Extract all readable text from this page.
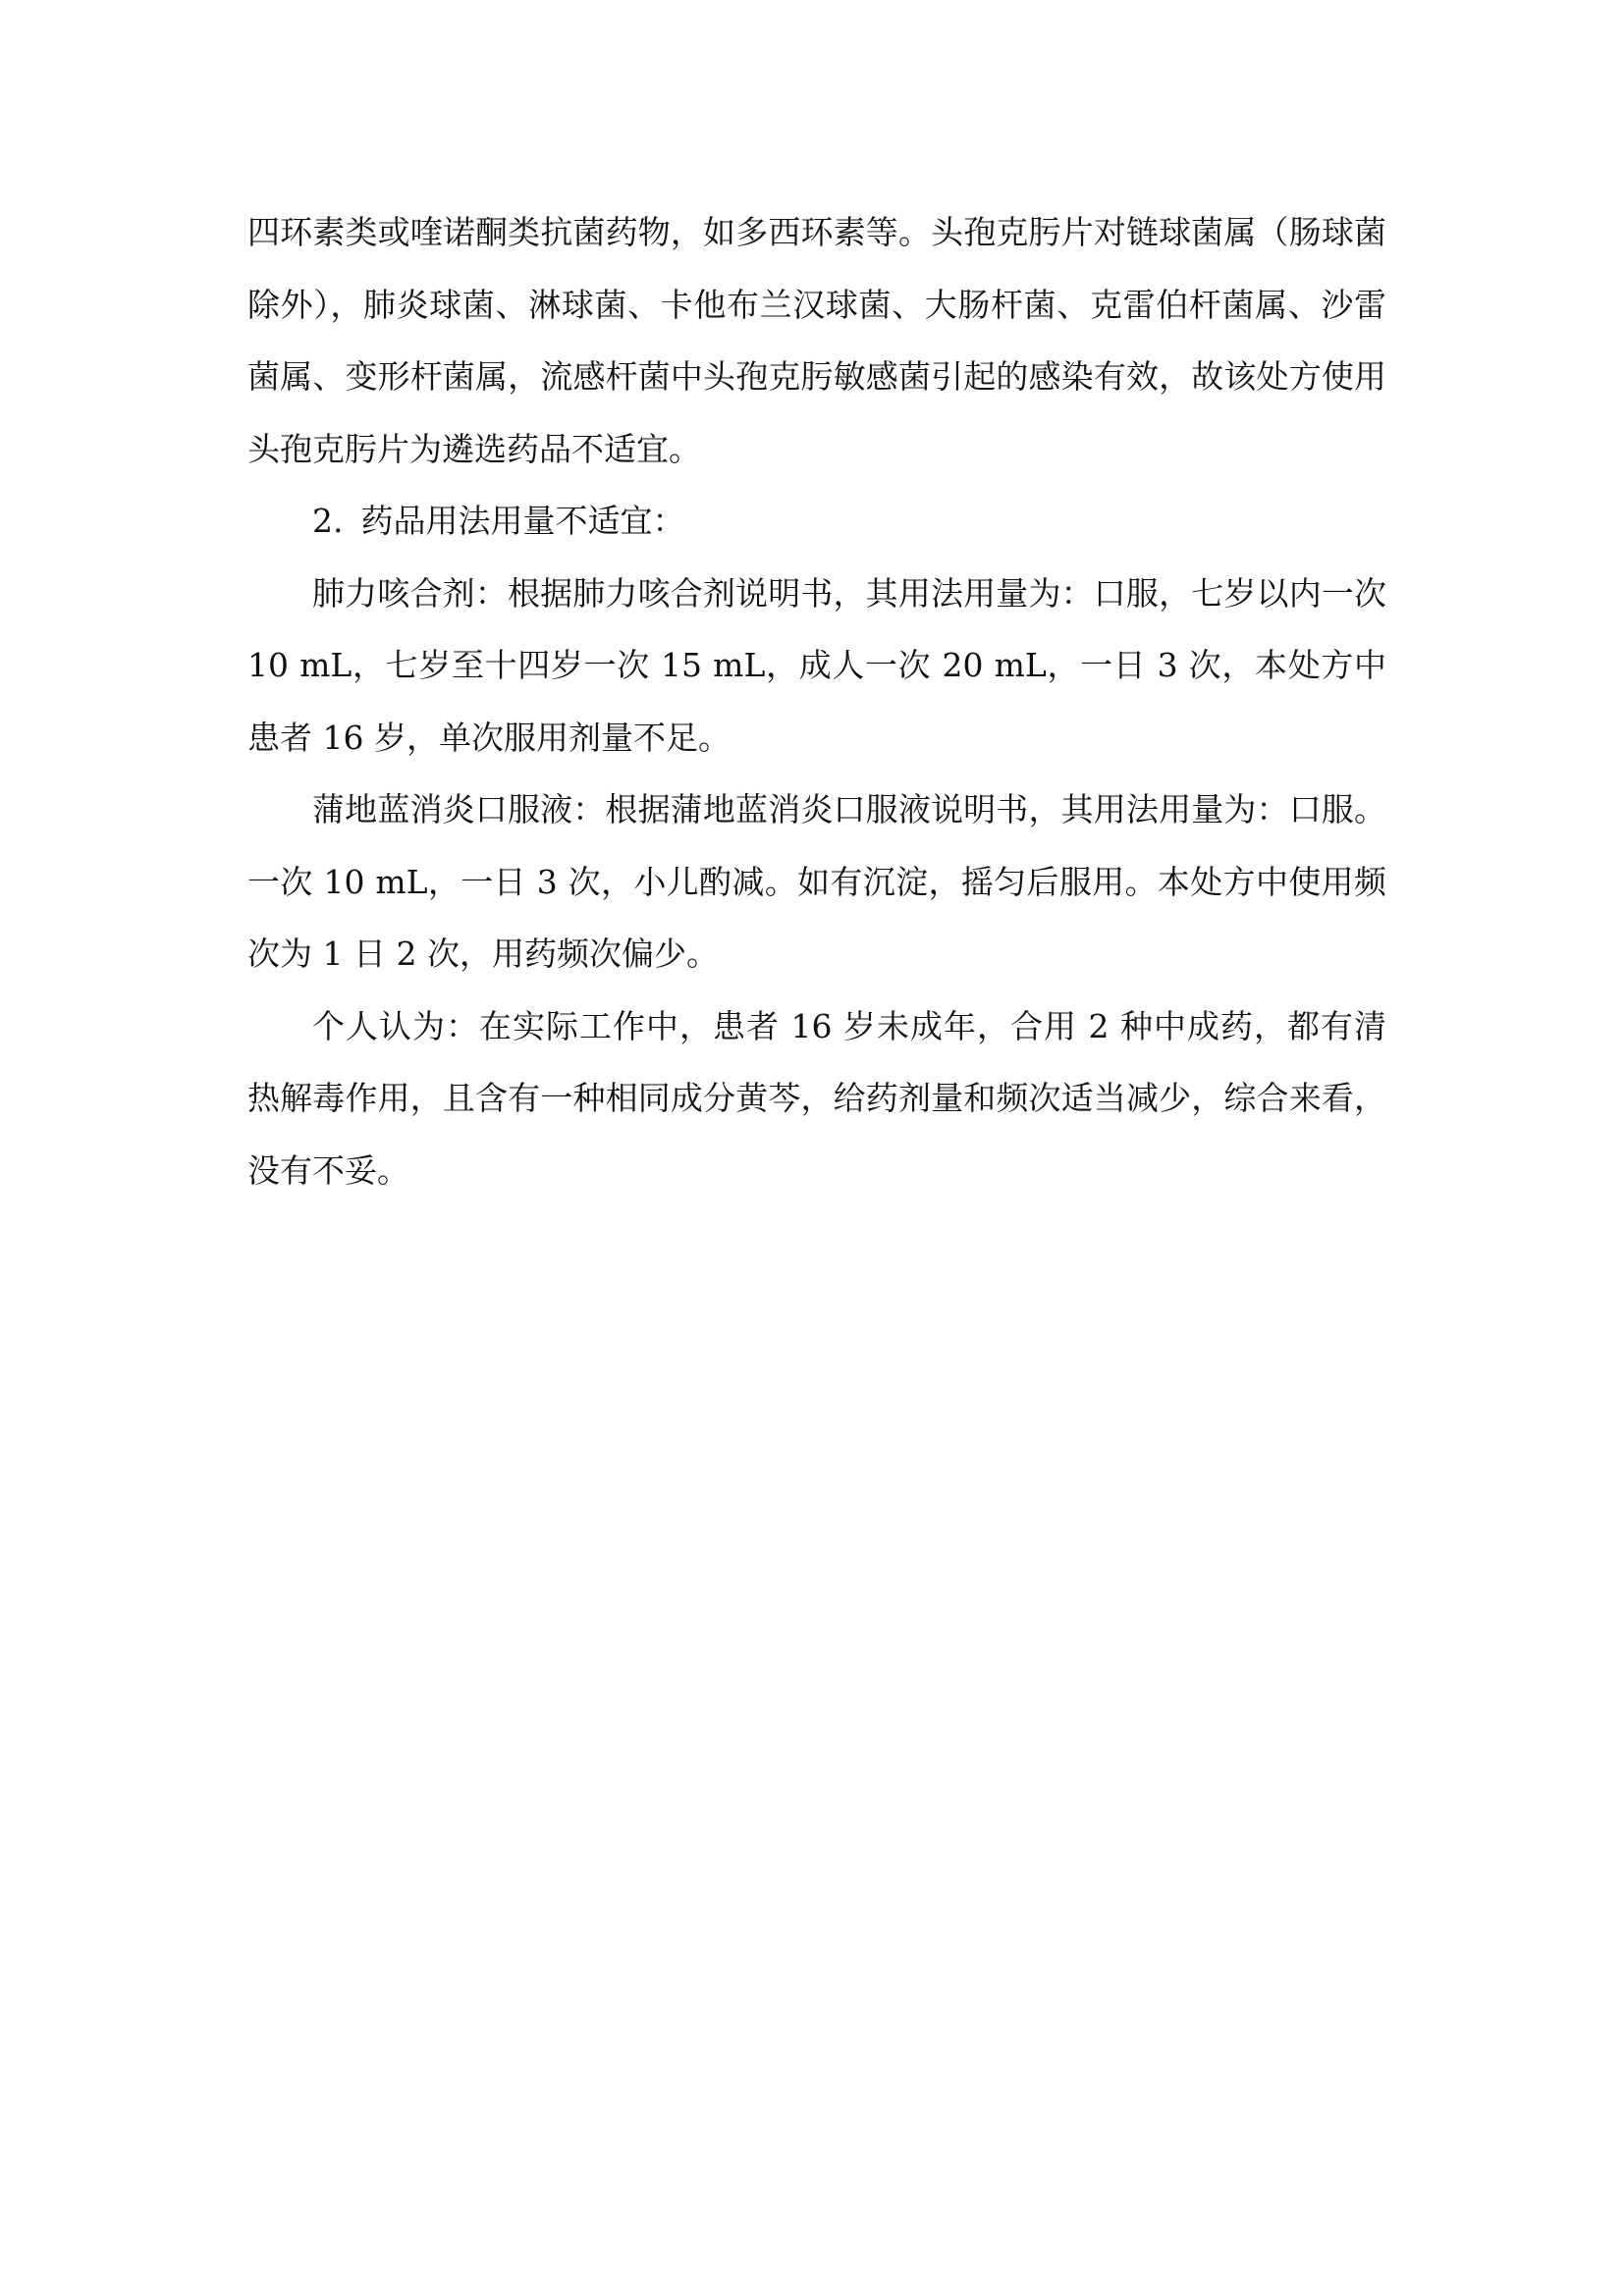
四环素类或喹诺酮类抗菌药物，如多西环素等。头孢克肟片对链球菌属（肠球菌除外），肺炎球菌、淋球菌、卡他布兰汉球菌、大肠杆菌、克雷伯杆菌属、沙雷菌属、变形杆菌属，流感杆菌中头孢克肟敏感菌引起的感染有效，故该处方使用头孢克肟片为遴选药品不适宜。

2. 药品用法用量不适宜：

肺力咳合剂：根据肺力咳合剂说明书，其用法用量为：口服，七岁以内一次 10 mL，七岁至十四岁一次 15 mL，成人一次 20 mL，一日 3 次，本处方中患者 16 岁，单次服用剂量不足。

蒲地蓝消炎口服液：根据蒲地蓝消炎口服液说明书，其用法用量为：口服。一次 10 mL，一日 3 次，小儿酌减。如有沉淀，摇匀后服用。本处方中使用频次为 1 日 2 次，用药频次偏少。

个人认为：在实际工作中，患者 16 岁未成年，合用 2 种中成药，都有清热解毒作用，且含有一种相同成分黄芩，给药剂量和频次适当减少，综合来看，没有不妥。
